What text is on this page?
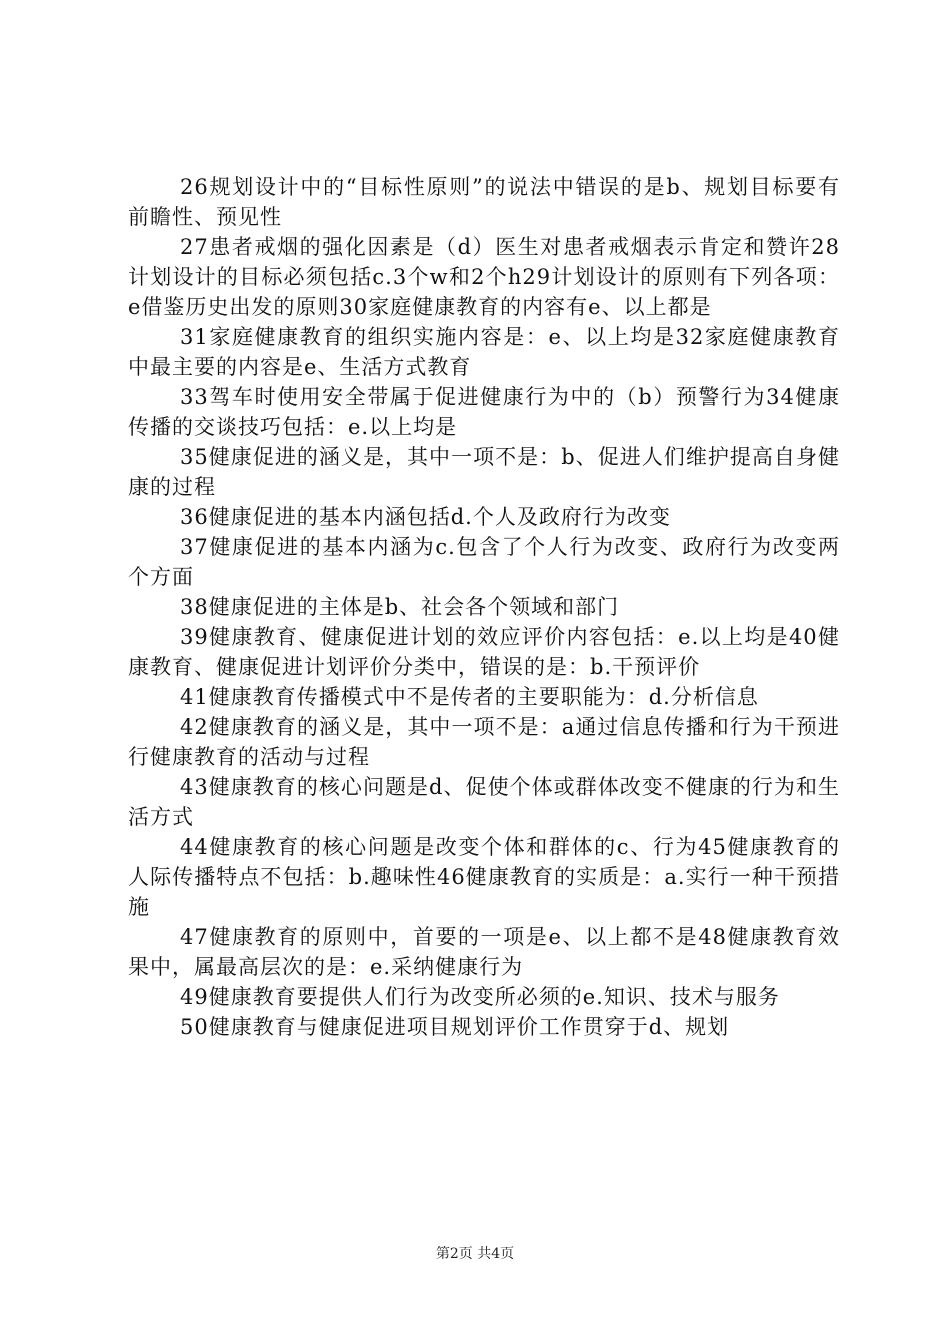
26规划设计中的“目标性原则”的说法中错误的是b、规划目标要有前瞻性、预见性

27患者戒烟的强化因素是（d）医生对患者戒烟表示肯定和赞许28计划设计的目标必须包括c.3个w和2个h29计划设计的原则有下列各项：e借鉴历史出发的原则30家庭健康教育的内容有e、以上都是

31家庭健康教育的组织实施内容是：e、以上均是32家庭健康教育中最主要的内容是e、生活方式教育

33驾车时使用安全带属于促进健康行为中的（b）预警行为34健康传播的交谈技巧包括：e.以上均是

35健康促进的涵义是，其中一项不是：b、促进人们维护提高自身健康的过程

36健康促进的基本内涵包括d.个人及政府行为改变

37健康促进的基本内涵为c.包含了个人行为改变、政府行为改变两个方面

38健康促进的主体是b、社会各个领域和部门

39健康教育、健康促进计划的效应评价内容包括：e.以上均是40健康教育、健康促进计划评价分类中，错误的是：b.干预评价

41健康教育传播模式中不是传者的主要职能为：d.分析信息

42健康教育的涵义是，其中一项不是：a通过信息传播和行为干预进行健康教育的活动与过程

43健康教育的核心问题是d、促使个体或群体改变不健康的行为和生活方式

44健康教育的核心问题是改变个体和群体的c、行为45健康教育的人际传播特点不包括：b.趣味性46健康教育的实质是：a.实行一种干预措施

47健康教育的原则中，首要的一项是e、以上都不是48健康教育效果中，属最高层次的是：e.采纳健康行为

49健康教育要提供人们行为改变所必须的e.知识、技术与服务

50健康教育与健康促进项目规划评价工作贯穿于d、规划

第2页 共4页
